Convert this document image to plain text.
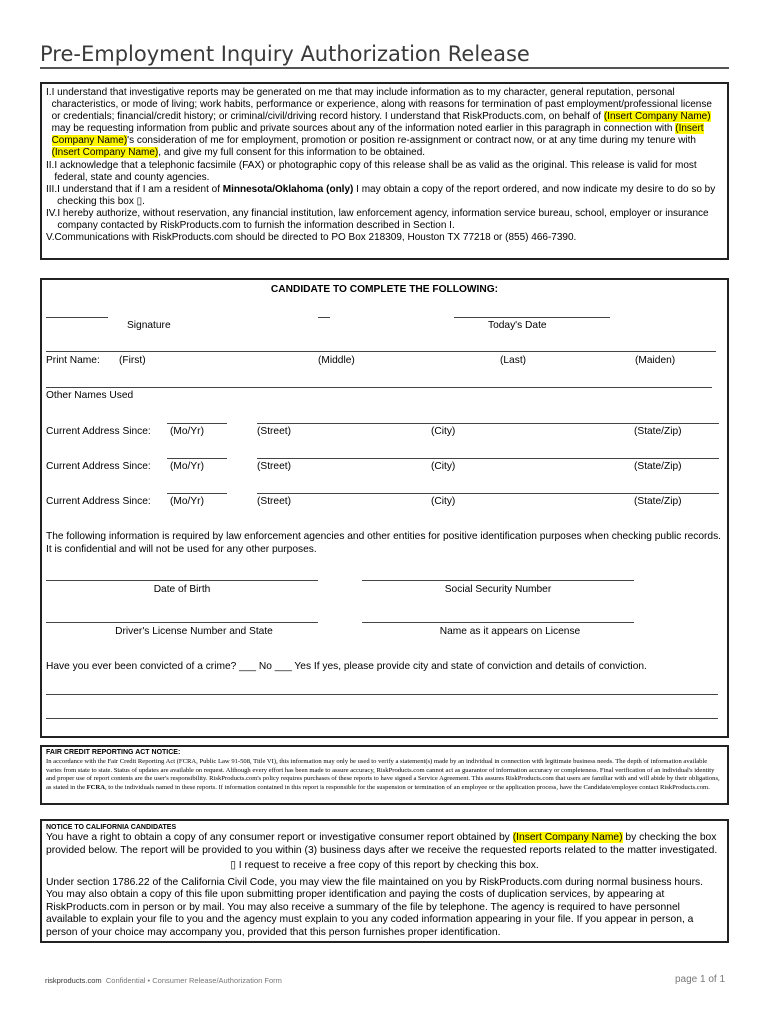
Pre-Employment Inquiry Authorization Release
I. I understand that investigative reports may be generated on me that may include information as to my character, general reputation, personal characteristics, or mode of living; work habits, performance or experience, along with reasons for termination of past employment/professional license or credentials; financial/credit history; or criminal/civil/driving record history. I understand that RiskProducts.com, on behalf of (Insert Company Name) may be requesting information from public and private sources about any of the information noted earlier in this paragraph in connection with (Insert Company Name)'s consideration of me for employment, promotion or position re-assignment or contract now, or at any time during my tenure with (Insert Company Name), and give my full consent for this information to be obtained.
II. I acknowledge that a telephonic facsimile (FAX) or photographic copy of this release shall be as valid as the original. This release is valid for most federal, state and county agencies.
III. I understand that if I am a resident of Minnesota/Oklahoma (only) I may obtain a copy of the report ordered, and now indicate my desire to do so by checking this box ▯.
IV. I hereby authorize, without reservation, any financial institution, law enforcement agency, information service bureau, school, employer or insurance company contacted by RiskProducts.com to furnish the information described in Section I.
V. Communications with RiskProducts.com should be directed to PO Box 218309, Houston TX 77218 or (855) 466-7390.
CANDIDATE TO COMPLETE THE FOLLOWING:
Signature	Today's Date
Print Name: (First)	(Middle)	(Last)	(Maiden)
Other Names Used
Current Address Since: (Mo/Yr)	(Street)	(City)	(State/Zip)
Current Address Since: (Mo/Yr)	(Street)	(City)	(State/Zip)
Current Address Since: (Mo/Yr)	(Street)	(City)	(State/Zip)
The following information is required by law enforcement agencies and other entities for positive identification purposes when checking public records. It is confidential and will not be used for any other purposes.
Date of Birth	Social Security Number
Driver's License Number and State	Name as it appears on License
Have you ever been convicted of a crime? ___ No ___ Yes If yes, please provide city and state of conviction and details of conviction.
FAIR CREDIT REPORTING ACT NOTICE:
In accordance with the Fair Credit Reporting Act (FCRA, Public Law 91-508, Title VI), this information may only be used to verify a statement(s) made by an individual in connection with legitimate business needs. The depth of information available varies from state to state. Status of updates are available on request. Although every effort has been made to assure accuracy, RiskProducts.com cannot act as guarantor of information accuracy or completeness. Final verification of an individual's identity and proper use of report contents are the user's responsibility. RiskProducts.com's policy requires purchases of these reports to have signed a Service Agreement. This assures RiskProducts.com that users are familiar with and will abide by their obligations, as stated in the FCRA, to the individuals named in these reports. If information contained in this report is responsible for the suspension or termination of an employee or the application process, have the Candidate/employee contact RiskProducts.com.
NOTICE TO CALIFORNIA CANDIDATES
You have a right to obtain a copy of any consumer report or investigative consumer report obtained by (Insert Company Name) by checking the box provided below. The report will be provided to you within (3) business days after we receive the requested reports related to the matter investigated.
▯ I request to receive a free copy of this report by checking this box.
Under section 1786.22 of the California Civil Code, you may view the file maintained on you by RiskProducts.com during normal business hours. You may also obtain a copy of this file upon submitting proper identification and paying the costs of duplication services, by appearing at RiskProducts.com in person or by mail. You may also receive a summary of the file by telephone. The agency is required to have personnel available to explain your file to you and the agency must explain to you any coded information appearing in your file. If you appear in person, a person of your choice may accompany you, provided that this person furnishes proper identification.
riskproducts.com Confidential • Consumer Release/Authorization Form	page 1 of 1
